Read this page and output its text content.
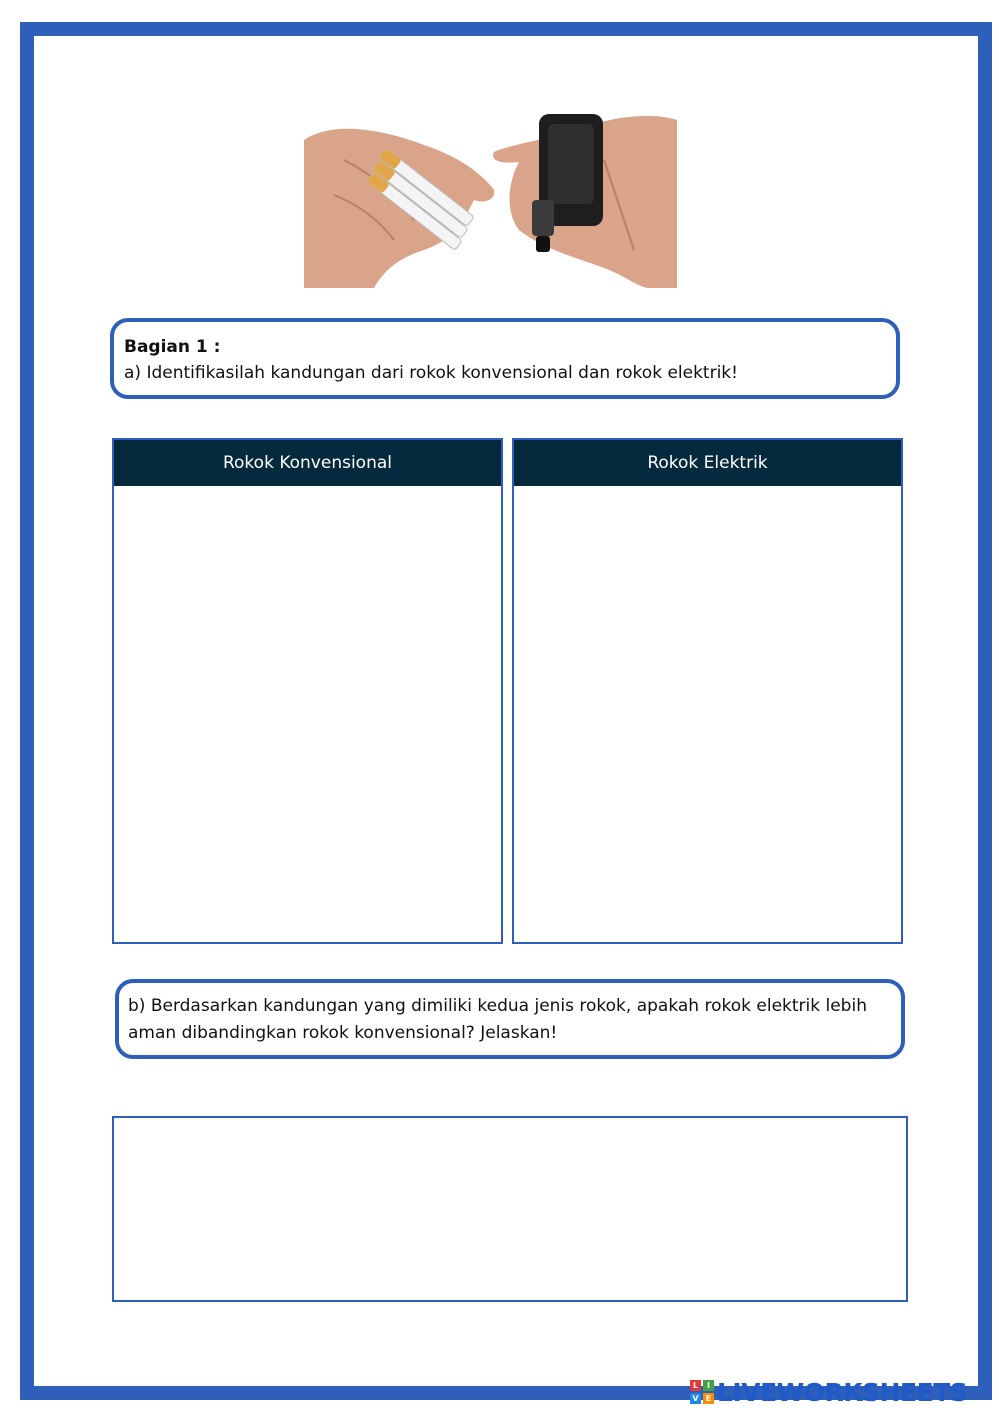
Bagian 1 :
a) Identifikasilah kandungan dari rokok konvensional dan rokok elektrik!
Rokok Konvensional	Rokok Elektrik
b) Berdasarkan kandungan yang dimiliki kedua jenis rokok, apakah rokok elektrik lebih aman dibandingkan rokok konvensional? Jelaskan!
L	I
V E LIVEWORKSHEETS
